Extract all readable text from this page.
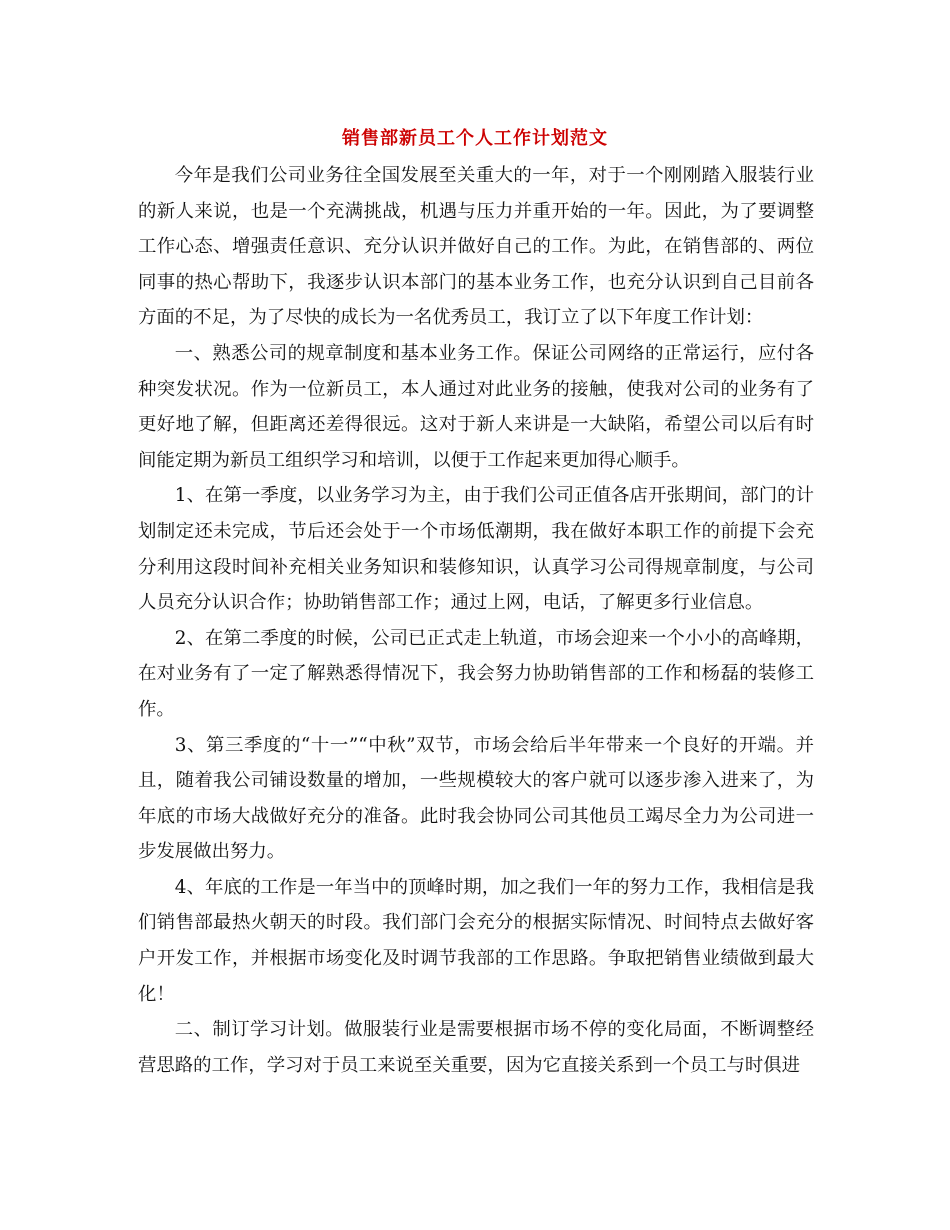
销售部新员工个人工作计划范文

今年是我们公司业务往全国发展至关重大的一年，对于一个刚刚踏入服装行业的新人来说，也是一个充满挑战，机遇与压力并重开始的一年。因此，为了要调整工作心态、增强责任意识、充分认识并做好自己的工作。为此，在销售部的、两位同事的热心帮助下，我逐步认识本部门的基本业务工作，也充分认识到自己目前各方面的不足，为了尽快的成长为一名优秀员工，我订立了以下年度工作计划：

一、熟悉公司的规章制度和基本业务工作。保证公司网络的正常运行，应付各种突发状况。作为一位新员工，本人通过对此业务的接触，使我对公司的业务有了更好地了解，但距离还差得很远。这对于新人来讲是一大缺陷，希望公司以后有时间能定期为新员工组织学习和培训，以便于工作起来更加得心顺手。

1、在第一季度，以业务学习为主，由于我们公司正值各店开张期间，部门的计划制定还未完成，节后还会处于一个市场低潮期，我在做好本职工作的前提下会充分利用这段时间补充相关业务知识和装修知识，认真学习公司得规章制度，与公司人员充分认识合作；协助销售部工作；通过上网，电话，了解更多行业信息。

2、在第二季度的时候，公司已正式走上轨道，市场会迎来一个小小的高峰期，在对业务有了一定了解熟悉得情况下，我会努力协助销售部的工作和杨磊的装修工作。

3、第三季度的“十一”“中秋”双节，市场会给后半年带来一个良好的开端。并且，随着我公司铺设数量的增加，一些规模较大的客户就可以逐步渗入进来了，为年底的市场大战做好充分的准备。此时我会协同公司其他员工竭尽全力为公司进一步发展做出努力。

4、年底的工作是一年当中的顶峰时期，加之我们一年的努力工作，我相信是我们销售部最热火朝天的时段。我们部门会充分的根据实际情况、时间特点去做好客户开发工作，并根据市场变化及时调节我部的工作思路。争取把销售业绩做到最大化！

二、制订学习计划。做服装行业是需要根据市场不停的变化局面，不断调整经营思路的工作，学习对于员工来说至关重要，因为它直接关系到一个员工与时俱进
